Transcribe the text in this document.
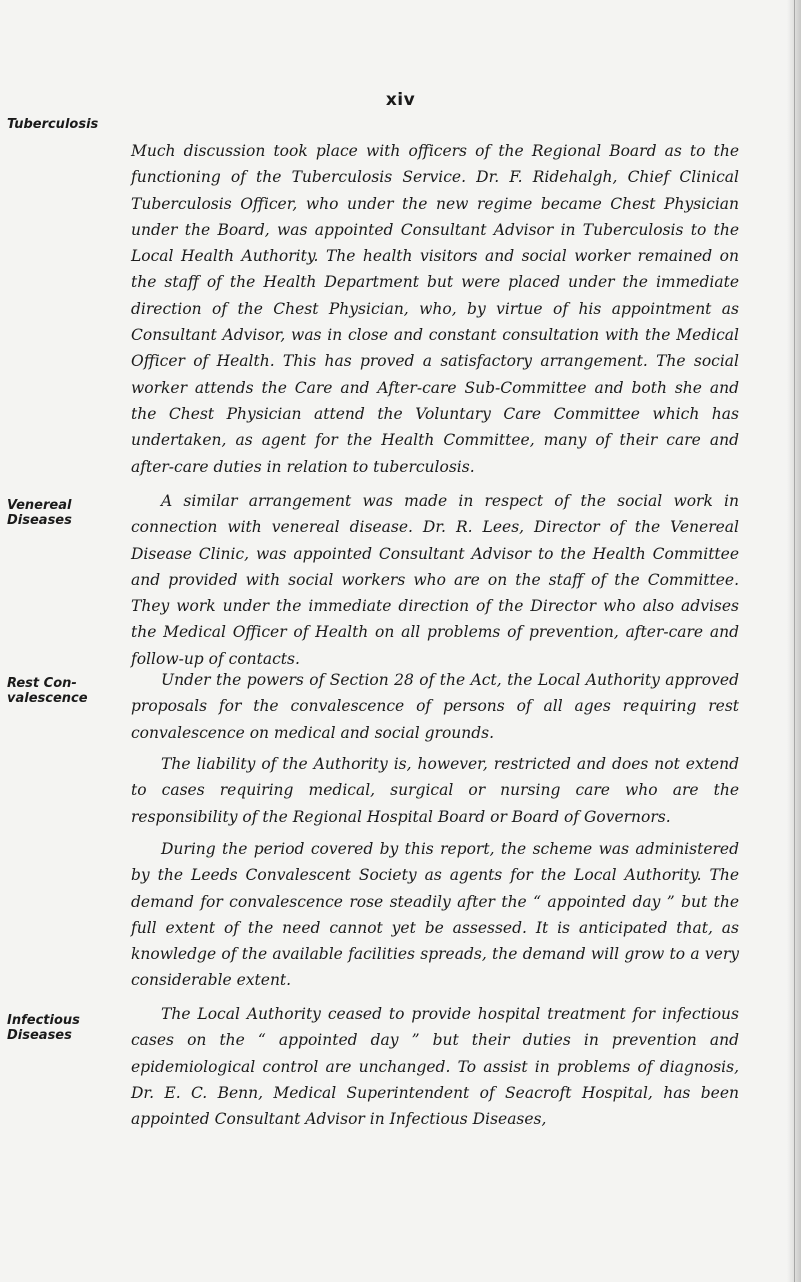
xiv
Tuberculosis

Much discussion took place with officers of the Regional Board as to the functioning of the Tuberculosis Service. Dr. F. Ridehalgh, Chief Clinical Tuberculosis Officer, who under the new regime became Chest Physician under the Board, was appointed Consultant Advisor in Tuberculosis to the Local Health Authority. The health visitors and social worker remained on the staff of the Health Department but were placed under the immediate direction of the Chest Physician, who, by virtue of his appointment as Consultant Advisor, was in close and constant consultation with the Medical Officer of Health. This has proved a satisfactory arrangement. The social worker attends the Care and After-care Sub-Committee and both she and the Chest Physician attend the Voluntary Care Committee which has undertaken, as agent for the Health Committee, many of their care and after-care duties in relation to tuberculosis.

Venereal
Diseases

A similar arrangement was made in respect of the social work in connection with venereal disease. Dr. R. Lees, Director of the Venereal Disease Clinic, was appointed Consultant Advisor to the Health Committee and provided with social workers who are on the staff of the Committee. They work under the immediate direction of the Director who also advises the Medical Officer of Health on all problems of prevention, after-care and follow-up of contacts.

Rest Con-
valescence

Under the powers of Section 28 of the Act, the Local Authority approved proposals for the convalescence of persons of all ages requiring rest convalescence on medical and social grounds.

The liability of the Authority is, however, restricted and does not extend to cases requiring medical, surgical or nursing care who are the responsibility of the Regional Hospital Board or Board of Governors.

During the period covered by this report, the scheme was administered by the Leeds Convalescent Society as agents for the Local Authority. The demand for convalescence rose steadily after the “ appointed day ” but the full extent of the need cannot yet be assessed. It is anticipated that, as knowledge of the available facilities spreads, the demand will grow to a very considerable extent.

Infectious
Diseases

The Local Authority ceased to provide hospital treatment for infectious cases on the “ appointed day ” but their duties in prevention and epidemiological control are unchanged. To assist in problems of diagnosis, Dr. E. C. Benn, Medical Superintendent of Seacroft Hospital, has been appointed Consultant Advisor in Infectious Diseases,
